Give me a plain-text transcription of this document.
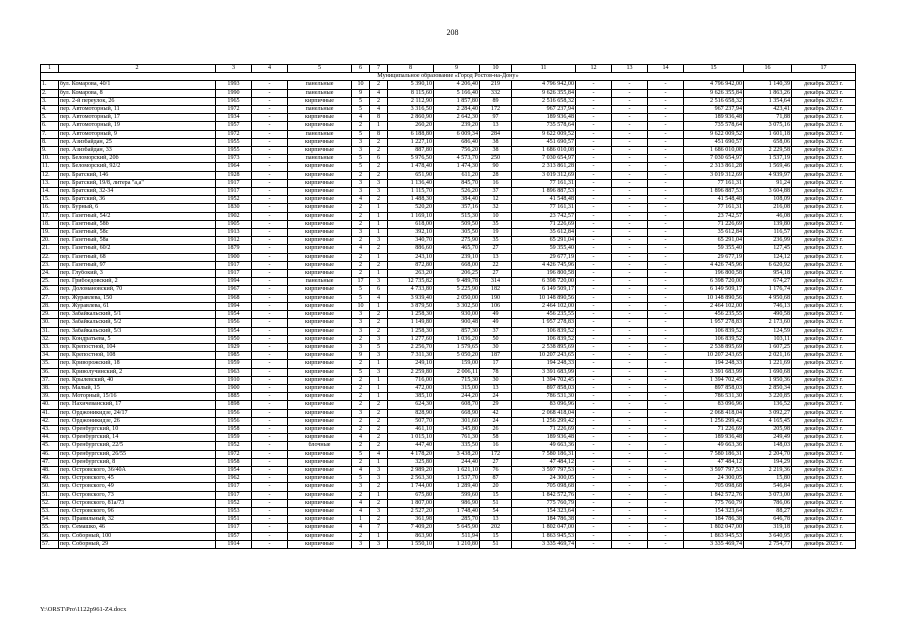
208
1	2	3	4	5	6	7	8	9	10	11	12	13	14	15	16	17
Муниципальное образование «Город Ростов-на-Дону»																
1.	бул. Комарова, 40/1	1993	-	панельные	10	2	5 390,10	4 206,40	219	4 796 942,00	-	-	-	4 796 942,00	1 140,39	декабрь 2023 г.
2.	бул. Комарова, 8	1990	-	панельные	9	4	8 115,60	5 166,40	332	9 626 355,84	-	-	-	9 626 355,84	1 863,26	декабрь 2023 г.
3.	пер. 2-й переулок, 26	1965	-	кирпичные	5	2	2 112,90	1 857,80	89	2 516 658,32	-	-	-	2 516 658,32	1 354,64	декабрь 2023 г.
4.	пер. Автомоторный, 11	1972	-	панельные	5	4	3 316,50	2 284,40	172	967 237,94	-	-	-	967 237,94	423,41	декабрь 2023 г.
5.	пер. Автомоторный, 17	1934	-	кирпичные	4	8	2 860,90	2 642,30	97	189 936,48	-	-	-	189 936,48	71,88	декабрь 2023 г.
6.	пер. Автомоторный, 19	1957	-	кирпичные	2	1	260,20	239,20	13	735 578,64	-	-	-	735 578,64	3 075,16	декабрь 2023 г.
7.	пер. Автомоторный, 9	1972	-	панельные	5	8	6 188,80	6 009,34	284	9 622 009,52	-	-	-	9 622 009,52	1 601,18	декабрь 2023 г.
8.	пер. Азизбайдан, 25	1955	-	кирпичные	3	2	1 227,10	686,40	38	451 690,57	-	-	-	451 690,57	658,06	декабрь 2023 г.
9.	пер. Азизбайдан, 33	1955	-	кирпичные	3	2	887,80	756,20	38	1 686 010,08	-	-	-	1 686 010,08	2 229,58	декабрь 2023 г.
10.	пер. Беломорский, 20б	1973	-	панельные	5	6	5 976,50	4 573,70	250	7 030 654,97	-	-	-	7 030 654,97	1 537,19	декабрь 2023 г.
11.	пер. Беломорский, 92/2	1964	-	кирпичные	5	2	1 478,40	1 474,30	90	2 313 861,28	-	-	-	2 313 861,28	1 569,46	декабрь 2023 г.
12.	пер. Братский, 146	1928	-	кирпичные	2	2	651,90	611,20	28	3 019 312,69	-	-	-	3 019 312,69	4 939,97	декабрь 2023 г.
13.	пер. Братский, 19/8, литера "а,а"	1917	-	кирпичные	3	3	1 136,40	845,70	16	77 161,31	-	-	-	77 161,31	91,24	декабрь 2023 г.
14.	пер. Братский, 32-34	1917	-	кирпичные	3	3	1 115,70	526,20	37	1 896 887,53	-	-	-	1 896 887,53	3 604,88	декабрь 2023 г.
15.	пер. Братский, 36	1952	-	кирпичные	4	2	1 488,30	384,40	12	41 548,48	-	-	-	41 548,48	108,09	декабрь 2023 г.
16.	пер. Бурный, 6	1830	-	кирпичные	2	1	520,20	357,16	32	77 161,31	-	-	-	77 161,31	216,08	декабрь 2023 г.
17.	пер. Газетный, 54/2	1902	-	кирпичные	2	1	1 169,10	515,30	10	23 742,57	-	-	-	23 742,57	46,08	декабрь 2023 г.
18.	пер. Газетный, 58б	1905	-	кирпичные	2	1	618,00	509,50	35	71 226,69	-	-	-	71 226,69	139,80	декабрь 2023 г.
19.	пер. Газетный, 58с	1913	-	кирпичные	3	1	392,10	305,50	19	35 612,84	-	-	-	35 612,84	116,57	декабрь 2023 г.
20.	пер. Газетный, 58а	1912	-	кирпичные	2	3	340,70	275,90	35	65 291,04	-	-	-	65 291,04	236,99	декабрь 2023 г.
21.	пер. Газетный, 60/2	1879	-	кирпичные	4	2	886,60	465,70	27	59 355,40	-	-	-	59 355,40	127,45	декабрь 2023 г.
22.	пер. Газетный, 68	1900	-	кирпичные	2	1	243,10	239,10	13	29 677,19	-	-	-	29 677,19	124,12	декабрь 2023 г.
23.	пер. Газетный, 97	1917	-	кирпичные	2	2	872,80	668,00	22	4 426 745,96	-	-	-	4 426 745,96	6 620,92	декабрь 2023 г.
24.	пер. Глубокий, 3	1917	-	кирпичные	2	1	263,20	206,25	27	196 800,58	-	-	-	196 800,58	954,18	декабрь 2023 г.
25.	пер. Грибоедовский, 2	1994	-	панельные	17	3	12 735,82	9 489,78	314	6 398 720,00	-	-	-	6 398 720,00	674,27	декабрь 2023 г.
26.	пер. Доломановский, 70	1967	-	кирпичные	5	6	4 733,80	5 225,90	182	6 149 509,17	-	-	-	6 149 509,17	1 176,74	декабрь 2023 г.
27.	пер. Журавлева, 150	1968	-	кирпичные	5	4	3 939,40	2 050,00	190	10 148 890,56	-	-	-	10 148 890,56	4 950,68	декабрь 2023 г.
28.	пер. Журавлева, 61	1994	-	кирпичные	10	1	3 879,50	3 302,50	106	2 464 102,00	-	-	-	2 464 102,00	746,13	декабрь 2023 г.
29.	пер. Забайкальский, 5/1	1954	-	кирпичные	3	2	1 258,30	930,00	49	456 235,55	-	-	-	456 235,55	490,58	декабрь 2023 г.
30.	пер. Забайкальский, 5/2	1956	-	кирпичные	3	2	1 149,80	900,48	49	1 957 278,83	-	-	-	1 957 278,83	2 173,60	декабрь 2023 г.
31.	пер. Забайкальский, 5/3	1954	-	кирпичные	3	2	1 258,30	857,30	37	106 839,52	-	-	-	106 839,52	124,59	декабрь 2023 г.
32.	пер. Кондратьева, 5	1950	-	кирпичные	2	3	1 277,60	1 036,20	50	106 839,52	-	-	-	106 839,52	103,11	декабрь 2023 г.
33.	пер. Крепостной, 104	1929	-	кирпичные	3	5	2 256,70	1 579,65	30	2 538 895,69	-	-	-	2 538 895,69	1 607,25	декабрь 2023 г.
34.	пер. Крепостной, 108	1985	-	кирпичные	9	3	7 311,30	5 050,20	187	10 207 243,65	-	-	-	10 207 243,65	2 021,16	декабрь 2023 г.
35.	пер. Криворожский, 18	1959	-	кирпичные	2	1	249,10	159,00	17	194 248,33	-	-	-	194 248,33	1 221,69	декабрь 2023 г.
36.	пер. Криволучинский, 2	1963	-	кирпичные	5	3	2 259,80	2 006,11	78	3 391 683,99	-	-	-	3 391 683,99	1 690,68	декабрь 2023 г.
37.	пер. Крылевский, 40	1910	-	кирпичные	2	1	716,00	715,30	30	1 394 702,45	-	-	-	1 394 702,45	1 950,36	декабрь 2023 г.
38.	пер. Малый, 15	1900	-	кирпичные	2	1	472,00	315,00	13	897 858,03	-	-	-	897 858,03	2 850,34	декабрь 2023 г.
39.	пер. Моторный, 15/16	1885	-	кирпичные	2	1	385,10	244,20	24	786 531,30	-	-	-	786 531,30	3 220,85	декабрь 2023 г.
40.	пер. Нахичеванский, 17	1898	-	кирпичные	2	2	624,30	608,70	29	83 096,96	-	-	-	83 096,96	136,52	декабрь 2023 г.
41.	пер. Орджоникидзе, 24/17	1956	-	кирпичные	3	2	828,90	668,90	42	2 068 418,04	-	-	-	2 068 418,04	3 092,27	декабрь 2023 г.
42.	пер. Орджоникидзе, 26	1956	-	кирпичные	2	2	507,70	301,60	24	1 256 299,42	-	-	-	1 256 299,42	4 165,45	декабрь 2023 г.
43.	пер. Оренбургский, 10	1958	-	кирпичные	2	2	461,10	345,80	26	71 226,69	-	-	-	71 226,69	205,98	декабрь 2023 г.
44.	пер. Оренбургский, 14	1959	-	кирпичные	4	2	1 015,10	761,30	58	189 936,48	-	-	-	189 936,48	249,49	декабрь 2023 г.
45.	пер. Оренбургский, 22/5	1952	-	блочные	2	2	447,40	335,50	16	49 663,36	-	-	-	49 663,36	148,03	декабрь 2023 г.
46.	пер. Оренбургский, 26/55	1972	-	кирпичные	5	4	4 178,20	3 438,20	172	7 580 186,31	-	-	-	7 580 186,31	2 204,70	декабрь 2023 г.
47.	пер. Оренбургский, 8	1958	-	кирпичные	2	1	325,80	244,40	27	47 484,12	-	-	-	47 484,12	194,29	декабрь 2023 г.
48.	пер. Островского, 36/40А	1954	-	кирпичные	4	3	2 989,20	1 621,10	76	3 597 797,53	-	-	-	3 597 797,53	2 219,36	декабрь 2023 г.
49.	пер. Островского, 45	1962	-	кирпичные	5	3	2 563,30	1 537,70	87	24 300,05	-	-	-	24 300,05	15,80	декабрь 2023 г.
50.	пер. Островского, 49	1917	-	кирпичные	3	2	1 744,00	1 289,40	20	705 098,68	-	-	-	705 098,68	546,84	декабрь 2023 г.
51.	пер. Островского, 73	1917	-	кирпичные	2	1	675,80	599,60	15	1 842 572,76	-	-	-	1 842 572,76	3 073,00	декабрь 2023 г.
52.	пер. Островского, 81а/73	1952	-	кирпичные	4	2	1 807,00	986,90	51	775 760,79	-	-	-	775 760,79	786,06	декабрь 2023 г.
53.	пер. Островского, 96	1953	-	кирпичные	4	3	2 527,20	1 748,40	54	154 323,64	-	-	-	154 323,64	88,27	декабрь 2023 г.
54.	пер. Правильный, 32	1951	-	кирпичные	1	2	361,98	285,70	13	184 786,38	-	-	-	184 786,38	646,78	декабрь 2023 г.
55.	пер. Семашко, 46	1917	-	кирпичные	4	7	7 409,20	5 645,90	202	1 802 047,00	-	-	-	1 802 047,00	319,18	декабрь 2023 г.
56.	пер. Соборный, 100	1957	-	кирпичные	2	1	863,90	511,94	15	1 863 945,53	-	-	-	1 863 945,53	3 640,95	декабрь 2023 г.
57.	пер. Соборный, 29	1914	-	кирпичные	3	3	1 550,10	1 210,80	51	3 335 469,74	-	-	-	3 335 469,74	2 754,77	декабрь 2023 г.
Y:\ORST\Pro\1122p961-Z4.docx
